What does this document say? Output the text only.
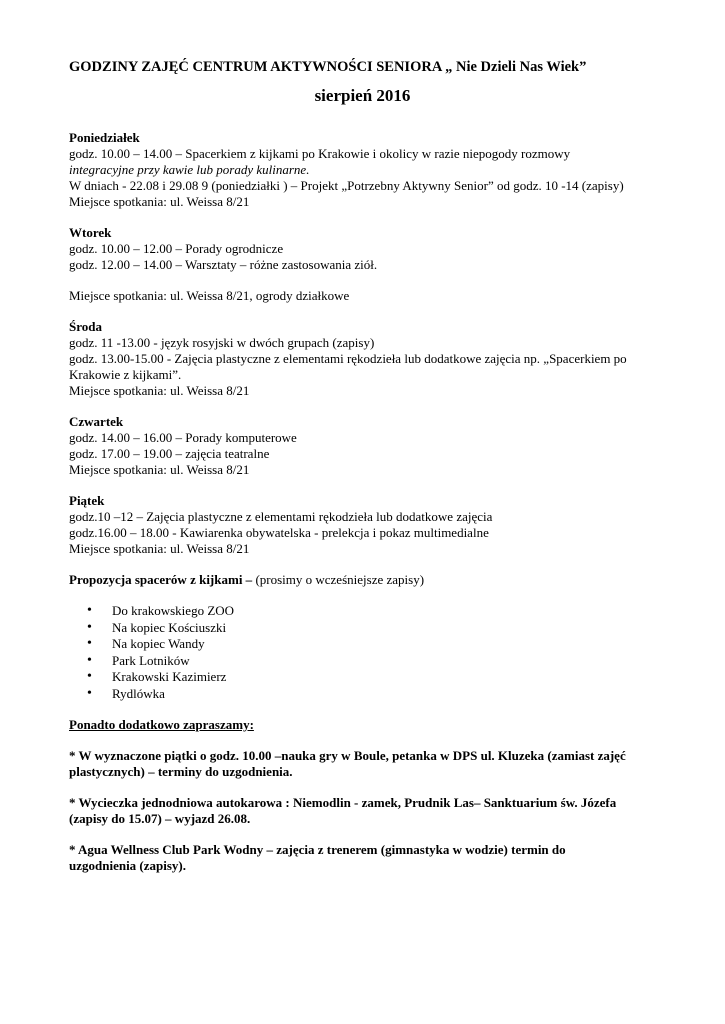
GODZINY ZAJĘĆ CENTRUM AKTYWNOŚCI SENIORA „ Nie Dzieli Nas Wiek”
sierpień 2016
Poniedziałek
godz. 10.00 – 14.00 – Spacerkiem z kijkami po Krakowie i okolicy w razie niepogody rozmowy
integracyjne przy kawie lub porady kulinarne.
W dniach - 22.08 i 29.08 9 (poniedziałki ) – Projekt „Potrzebny Aktywny Senior” od godz. 10 -14 (zapisy)
Miejsce spotkania: ul. Weissa 8/21
Wtorek
godz. 10.00 – 12.00 – Porady ogrodnicze
godz. 12.00 – 14.00 – Warsztaty – różne zastosowania ziół.
Miejsce spotkania: ul. Weissa 8/21, ogrody działkowe
Środa
godz. 11 -13.00 - język rosyjski w dwóch grupach (zapisy)
godz. 13.00-15.00 - Zajęcia plastyczne z elementami rękodzieła lub dodatkowe zajęcia np. „Spacerkiem po
Krakowie z kijkami”.
Miejsce spotkania: ul. Weissa 8/21
Czwartek
godz. 14.00 – 16.00 – Porady komputerowe
godz. 17.00 – 19.00 – zajęcia teatralne
Miejsce spotkania: ul. Weissa 8/21
Piątek
godz.10 –12 – Zajęcia plastyczne z elementami rękodzieła lub dodatkowe zajęcia
godz.16.00 – 18.00 - Kawiarenka obywatelska - prelekcja i pokaz multimedialne
Miejsce spotkania: ul. Weissa 8/21
Propozycja spacerów z kijkami – (prosimy o wcześniejsze zapisy)
• Do krakowskiego ZOO
• Na kopiec Kościuszki
• Na kopiec Wandy
• Park Lotników
• Krakowski Kazimierz
• Rydlówka
Ponadto dodatkowo zapraszamy:
* W wyznaczone piątki o godz. 10.00 –nauka gry w Boule, petanka w DPS ul. Kluzeka (zamiast zajęć
plastycznych) – terminy do uzgodnienia.
* Wycieczka jednodniowa autokarowa : Niemodlin - zamek, Prudnik Las– Sanktuarium św. Józefa
(zapisy do 15.07) – wyjazd 26.08.
* Agua Wellness Club Park Wodny – zajęcia z trenerem (gimnastyka w wodzie) termin do
uzgodnienia (zapisy).
